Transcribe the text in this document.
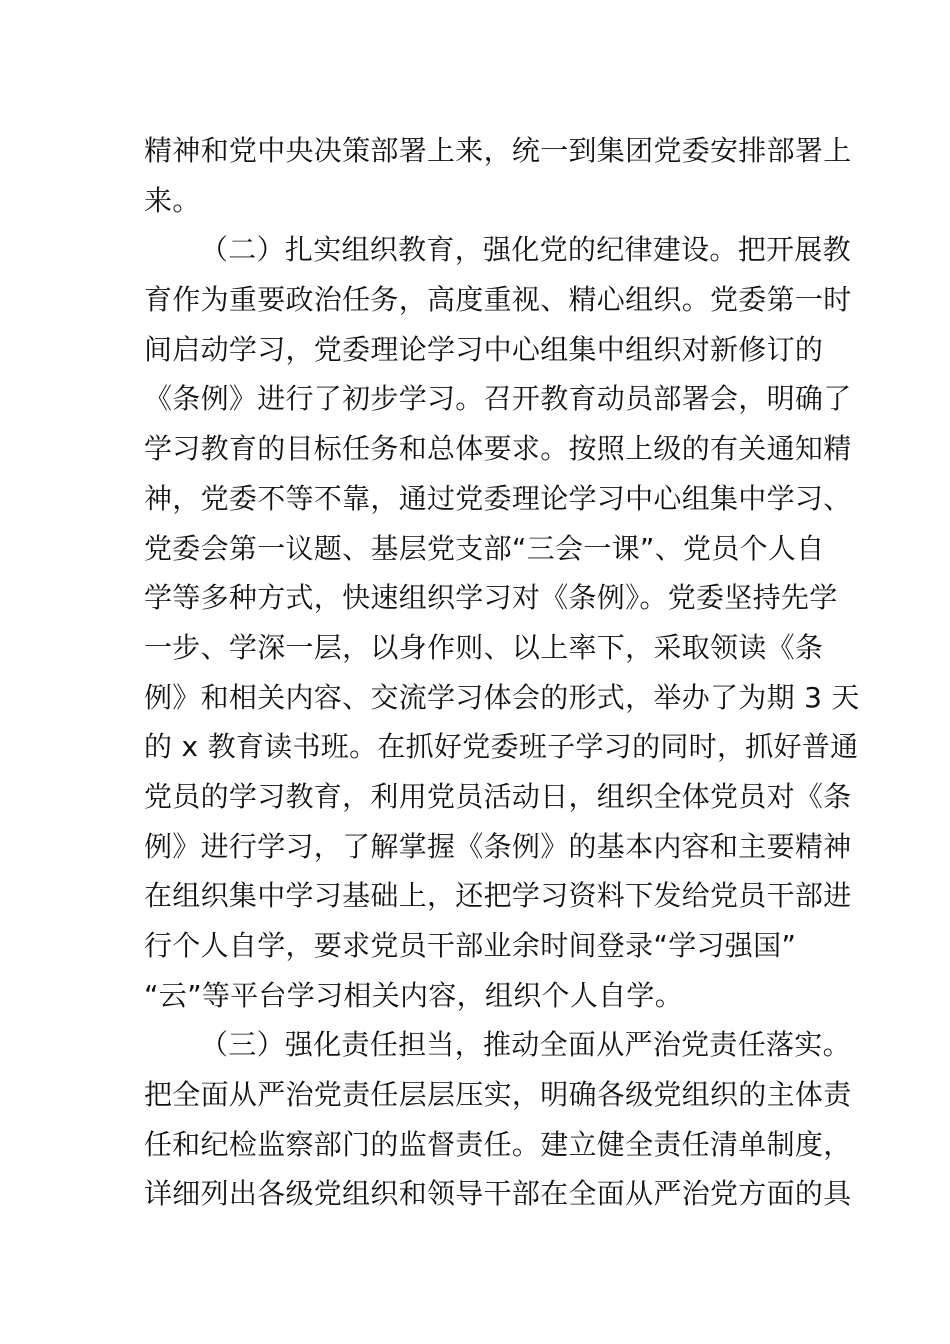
精神和党中央决策部署上来，统一到集团党委安排部署上
来。
（二）扎实组织教育，强化党的纪律建设。把开展教
育作为重要政治任务，高度重视、精心组织。党委第一时
间启动学习，党委理论学习中心组集中组织对新修订的
《条例》进行了初步学习。召开教育动员部署会，明确了
学习教育的目标任务和总体要求。按照上级的有关通知精
神，党委不等不靠，通过党委理论学习中心组集中学习、
党委会第一议题、基层党支部“三会一课”、党员个人自
学等多种方式，快速组织学习对《条例》。党委坚持先学
一步、学深一层，以身作则、以上率下，采取领读《条
例》和相关内容、交流学习体会的形式，举办了为期 3 天
的 x 教育读书班。在抓好党委班子学习的同时，抓好普通
党员的学习教育，利用党员活动日，组织全体党员对《条
例》进行学习，了解掌握《条例》的基本内容和主要精神
在组织集中学习基础上，还把学习资料下发给党员干部进
行个人自学，要求党员干部业余时间登录“学习强国”
“云”等平台学习相关内容，组织个人自学。
（三）强化责任担当，推动全面从严治党责任落实。
把全面从严治党责任层层压实，明确各级党组织的主体责
任和纪检监察部门的监督责任。建立健全责任清单制度，
详细列出各级党组织和领导干部在全面从严治党方面的具
